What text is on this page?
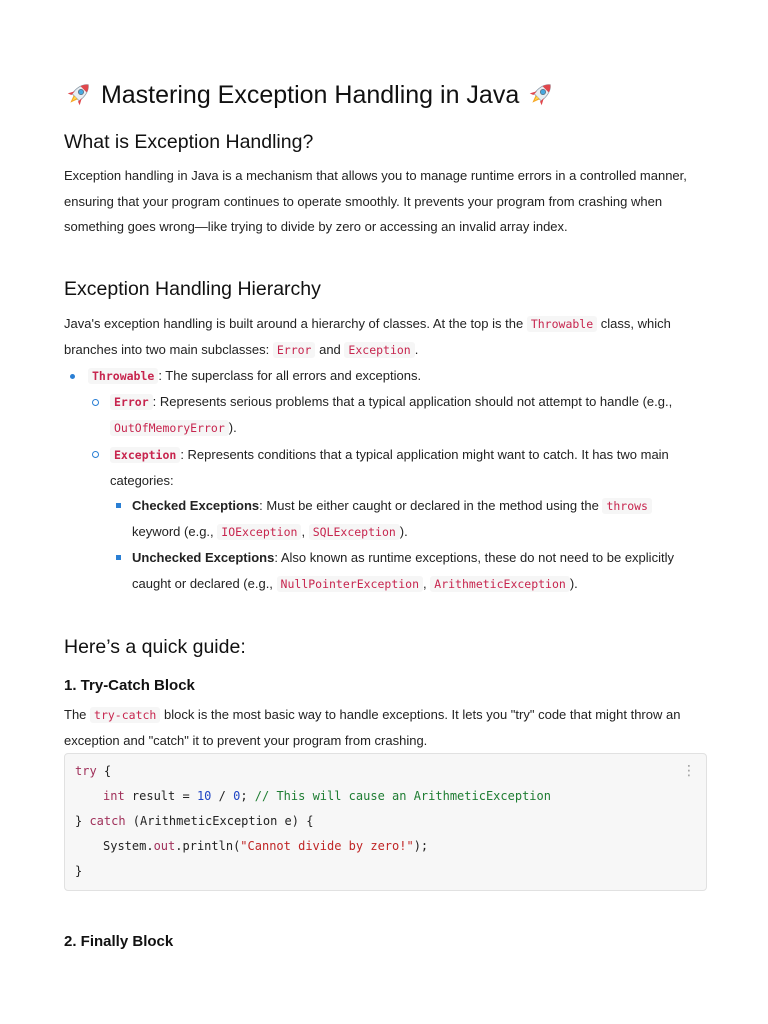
Mastering Exception Handling in Java
What is Exception Handling?
Exception handling in Java is a mechanism that allows you to manage runtime errors in a controlled manner,
ensuring that your program continues to operate smoothly. It prevents your program from crashing when
something goes wrong—like trying to divide by zero or accessing an invalid array index.
Exception Handling Hierarchy
Java's exception handling is built around a hierarchy of classes. At the top is the Throwable class, which
branches into two main subclasses: Error and Exception .
Throwable : The superclass for all errors and exceptions.
Error : Represents serious problems that a typical application should not attempt to handle (e.g.,
OutOfMemoryError ).
Exception : Represents conditions that a typical application might want to catch. It has two main
categories:
Checked Exceptions: Must be either caught or declared in the method using the throws
keyword (e.g., IOException , SQLException ).
Unchecked Exceptions: Also known as runtime exceptions, these do not need to be explicitly
caught or declared (e.g., NullPointerException , ArithmeticException ).
Here’s a quick guide:
1. Try-Catch Block
The try-catch block is the most basic way to handle exceptions. It lets you "try" code that might throw an
exception and "catch" it to prevent your program from crashing.
⋮
try {
int result = 10 / 0; // This will cause an ArithmeticException
} catch (ArithmeticException e) {
System.out.println("Cannot divide by zero!");
}
2. Finally Block
